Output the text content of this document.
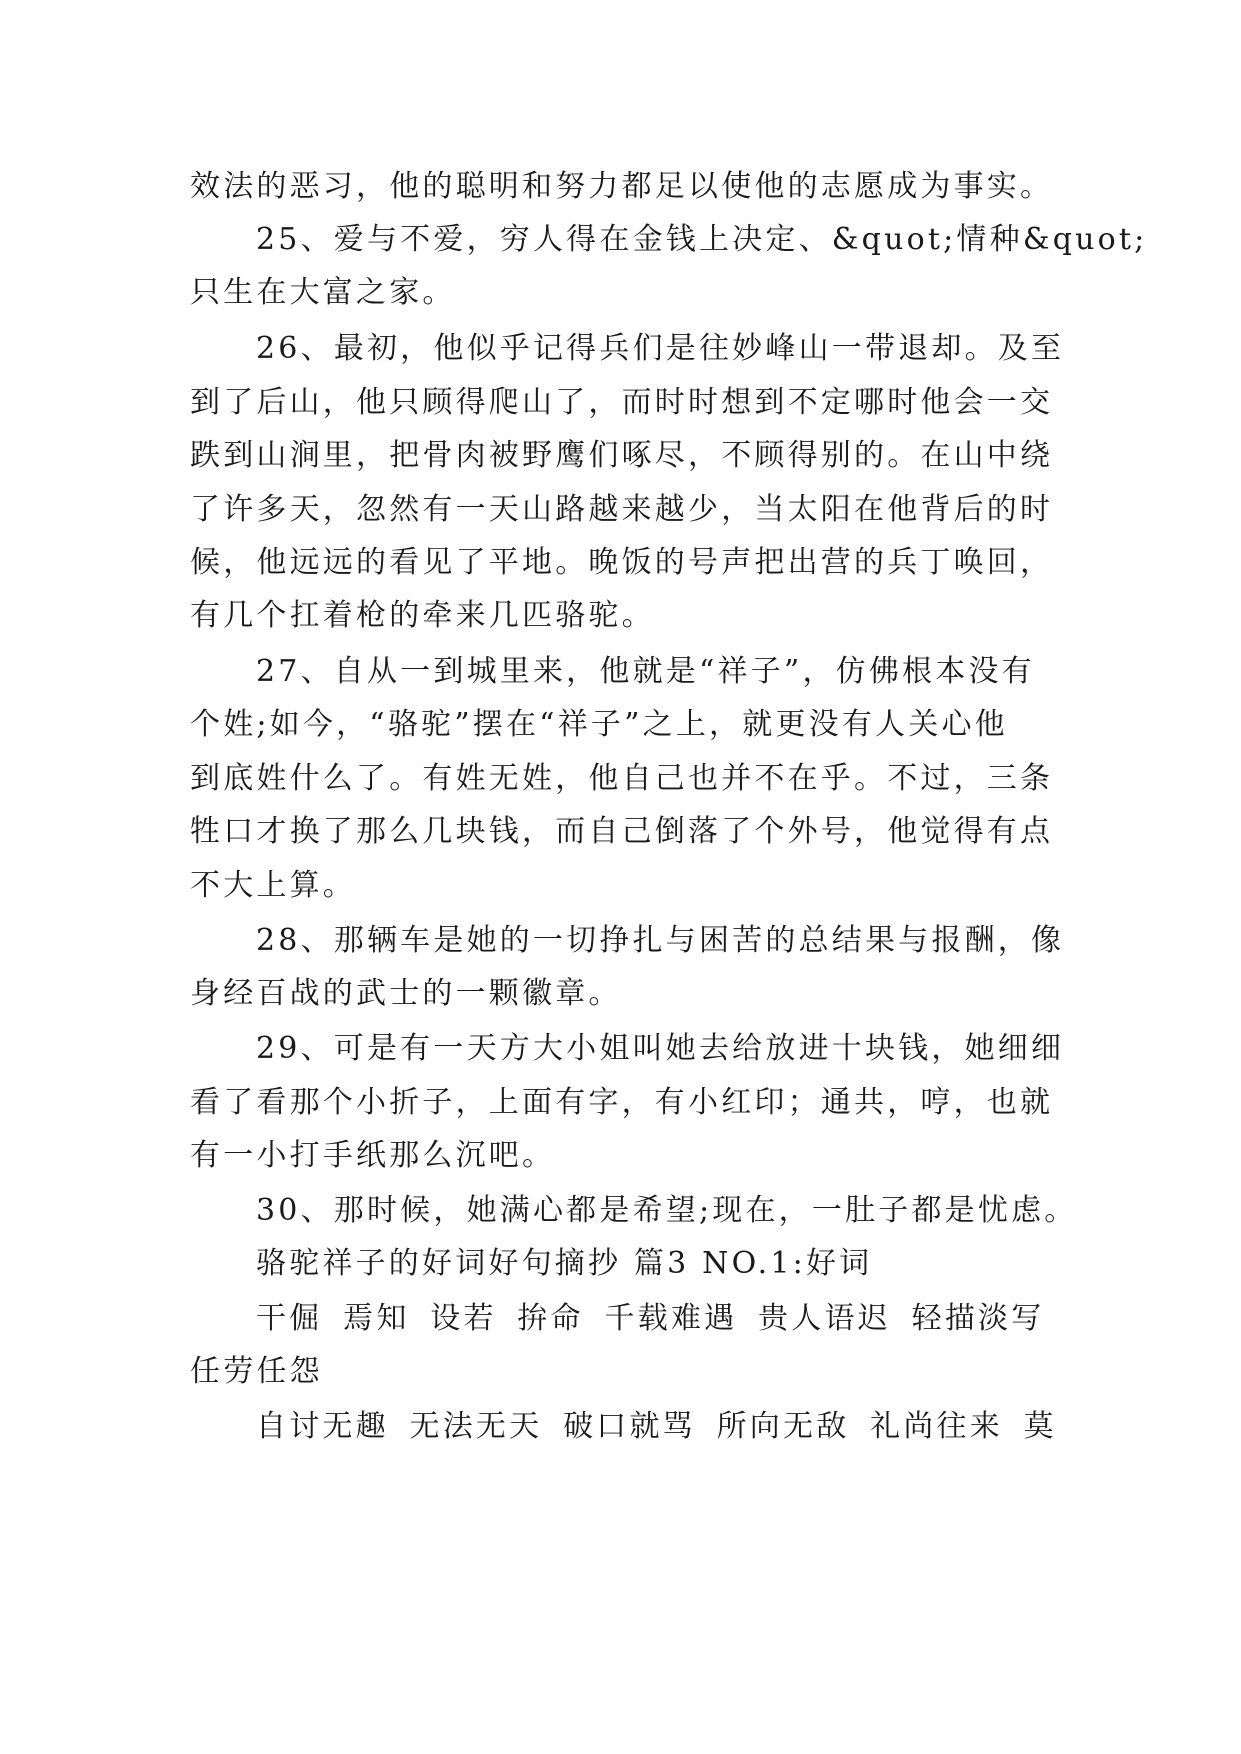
效法的恶习，他的聪明和努力都足以使他的志愿成为事实。
25、爱与不爱，穷人得在金钱上决定、&quot;情种&quot;
只生在大富之家。
26、最初，他似乎记得兵们是往妙峰山一带退却。及至
到了后山，他只顾得爬山了，而时时想到不定哪时他会一交
跌到山涧里，把骨肉被野鹰们啄尽，不顾得别的。在山中绕
了许多天，忽然有一天山路越来越少，当太阳在他背后的时
候，他远远的看见了平地。晚饭的号声把出营的兵丁唤回，
有几个扛着枪的牵来几匹骆驼。
27、自从一到城里来，他就是“祥子”，仿佛根本没有
个姓;如今，“骆驼”摆在“祥子”之上，就更没有人关心他
到底姓什么了。有姓无姓，他自己也并不在乎。不过，三条
牲口才换了那么几块钱，而自己倒落了个外号，他觉得有点
不大上算。
28、那辆车是她的一切挣扎与困苦的总结果与报酬，像
身经百战的武士的一颗徽章。
29、可是有一天方大小姐叫她去给放进十块钱，她细细
看了看那个小折子，上面有字，有小红印；通共，哼，也就
有一小打手纸那么沉吧。
30、那时候，她满心都是希望;现在，一肚子都是忧虑。
骆驼祥子的好词好句摘抄 篇3 NO.1:好词
干倔 焉知 设若 拚命 千载难遇 贵人语迟 轻描淡写
任劳任怨
自讨无趣 无法无天 破口就骂 所向无敌 礼尚往来 莫
